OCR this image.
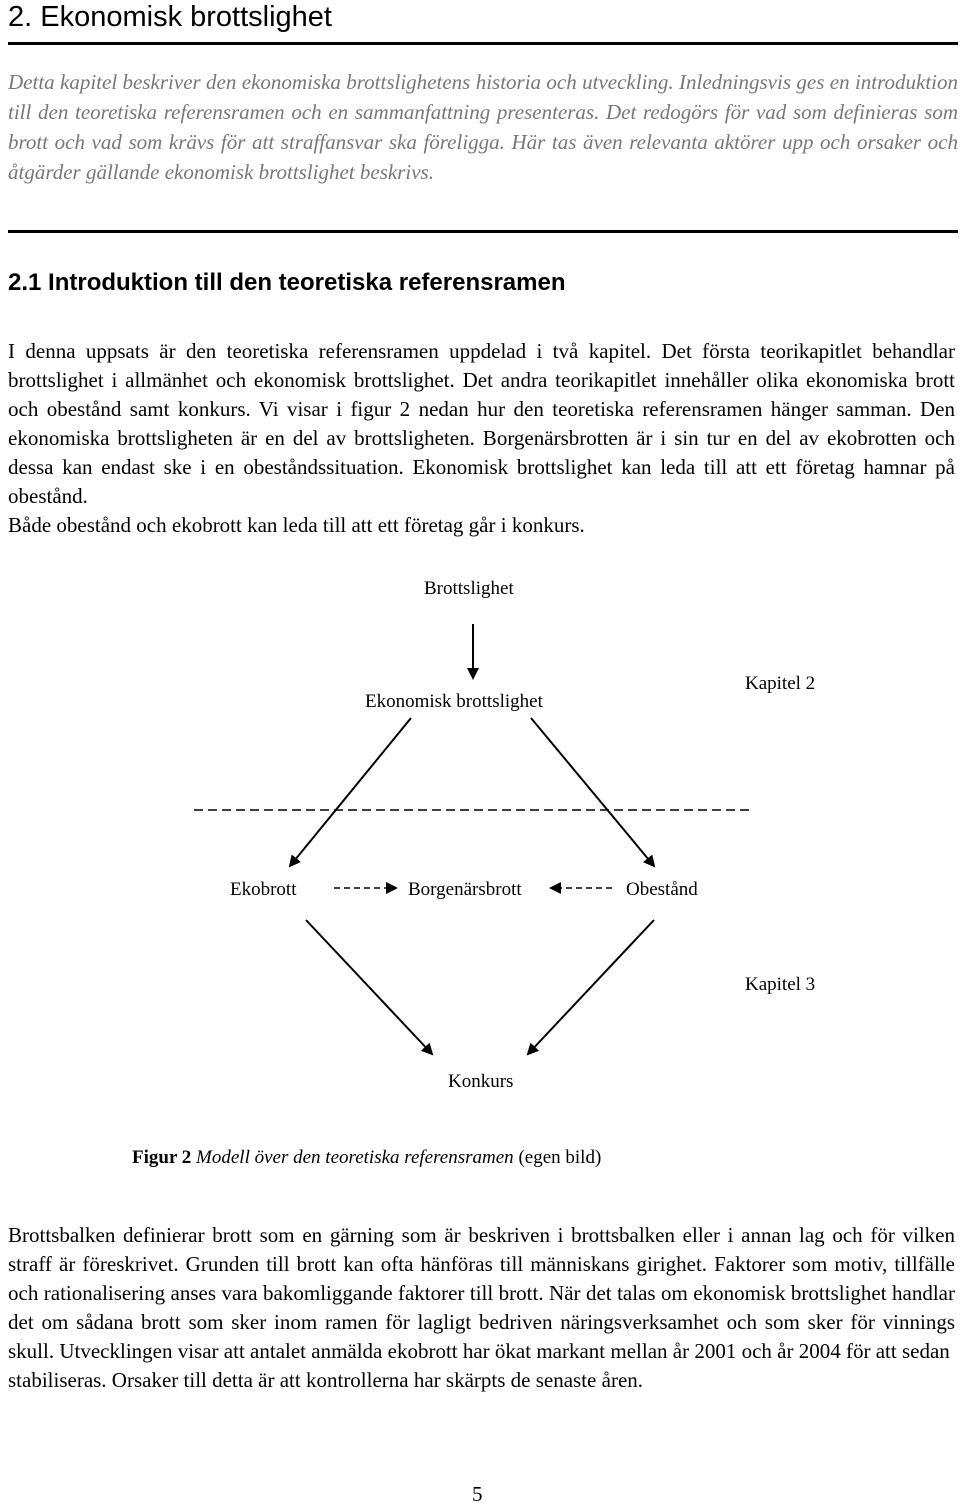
2. Ekonomisk brottslighet

Detta kapitel beskriver den ekonomiska brottslighetens historia och utveckling. Inledningsvis ges en introduktion till den teoretiska referensramen och en sammanfattning presenteras. Det redogörs för vad som definieras som brott och vad som krävs för att straffansvar ska föreligga. Här tas även relevanta aktörer upp och orsaker och åtgärder gällande ekonomisk brottslighet beskrivs.

2.1 Introduktion till den teoretiska referensramen

I denna uppsats är den teoretiska referensramen uppdelad i två kapitel. Det första teorikapitlet behandlar brottslighet i allmänhet och ekonomisk brottslighet. Det andra teorikapitlet innehåller olika ekonomiska brott och obestånd samt konkurs. Vi visar i figur 2 nedan hur den teoretiska referensramen hänger samman. Den ekonomiska brottsligheten är en del av brottsligheten. Borgenärsbrotten är i sin tur en del av ekobrotten och dessa kan endast ske i en obeståndssituation. Ekonomisk brottslighet kan leda till att ett företag hamnar på obestånd.
Både obestånd och ekobrott kan leda till att ett företag går i konkurs.

Brottslighet
Ekonomisk brottslighet
Kapitel 2
Ekobrott	Borgenärsbrott	Obestånd
Kapitel 3
Konkurs

Figur 2 Modell över den teoretiska referensramen (egen bild)

Brottsbalken definierar brott som en gärning som är beskriven i brottsbalken eller i annan lag och för vilken straff är föreskrivet. Grunden till brott kan ofta hänföras till människans girighet. Faktorer som motiv, tillfälle och rationalisering anses vara bakomliggande faktorer till brott. När det talas om ekonomisk brottslighet handlar det om sådana brott som sker inom ramen för lagligt bedriven näringsverksamhet och som sker för vinnings skull. Utvecklingen visar att antalet anmälda ekobrott har ökat markant mellan år 2001 och år 2004 för att sedan
stabiliseras. Orsaker till detta är att kontrollerna har skärpts de senaste åren.

5
